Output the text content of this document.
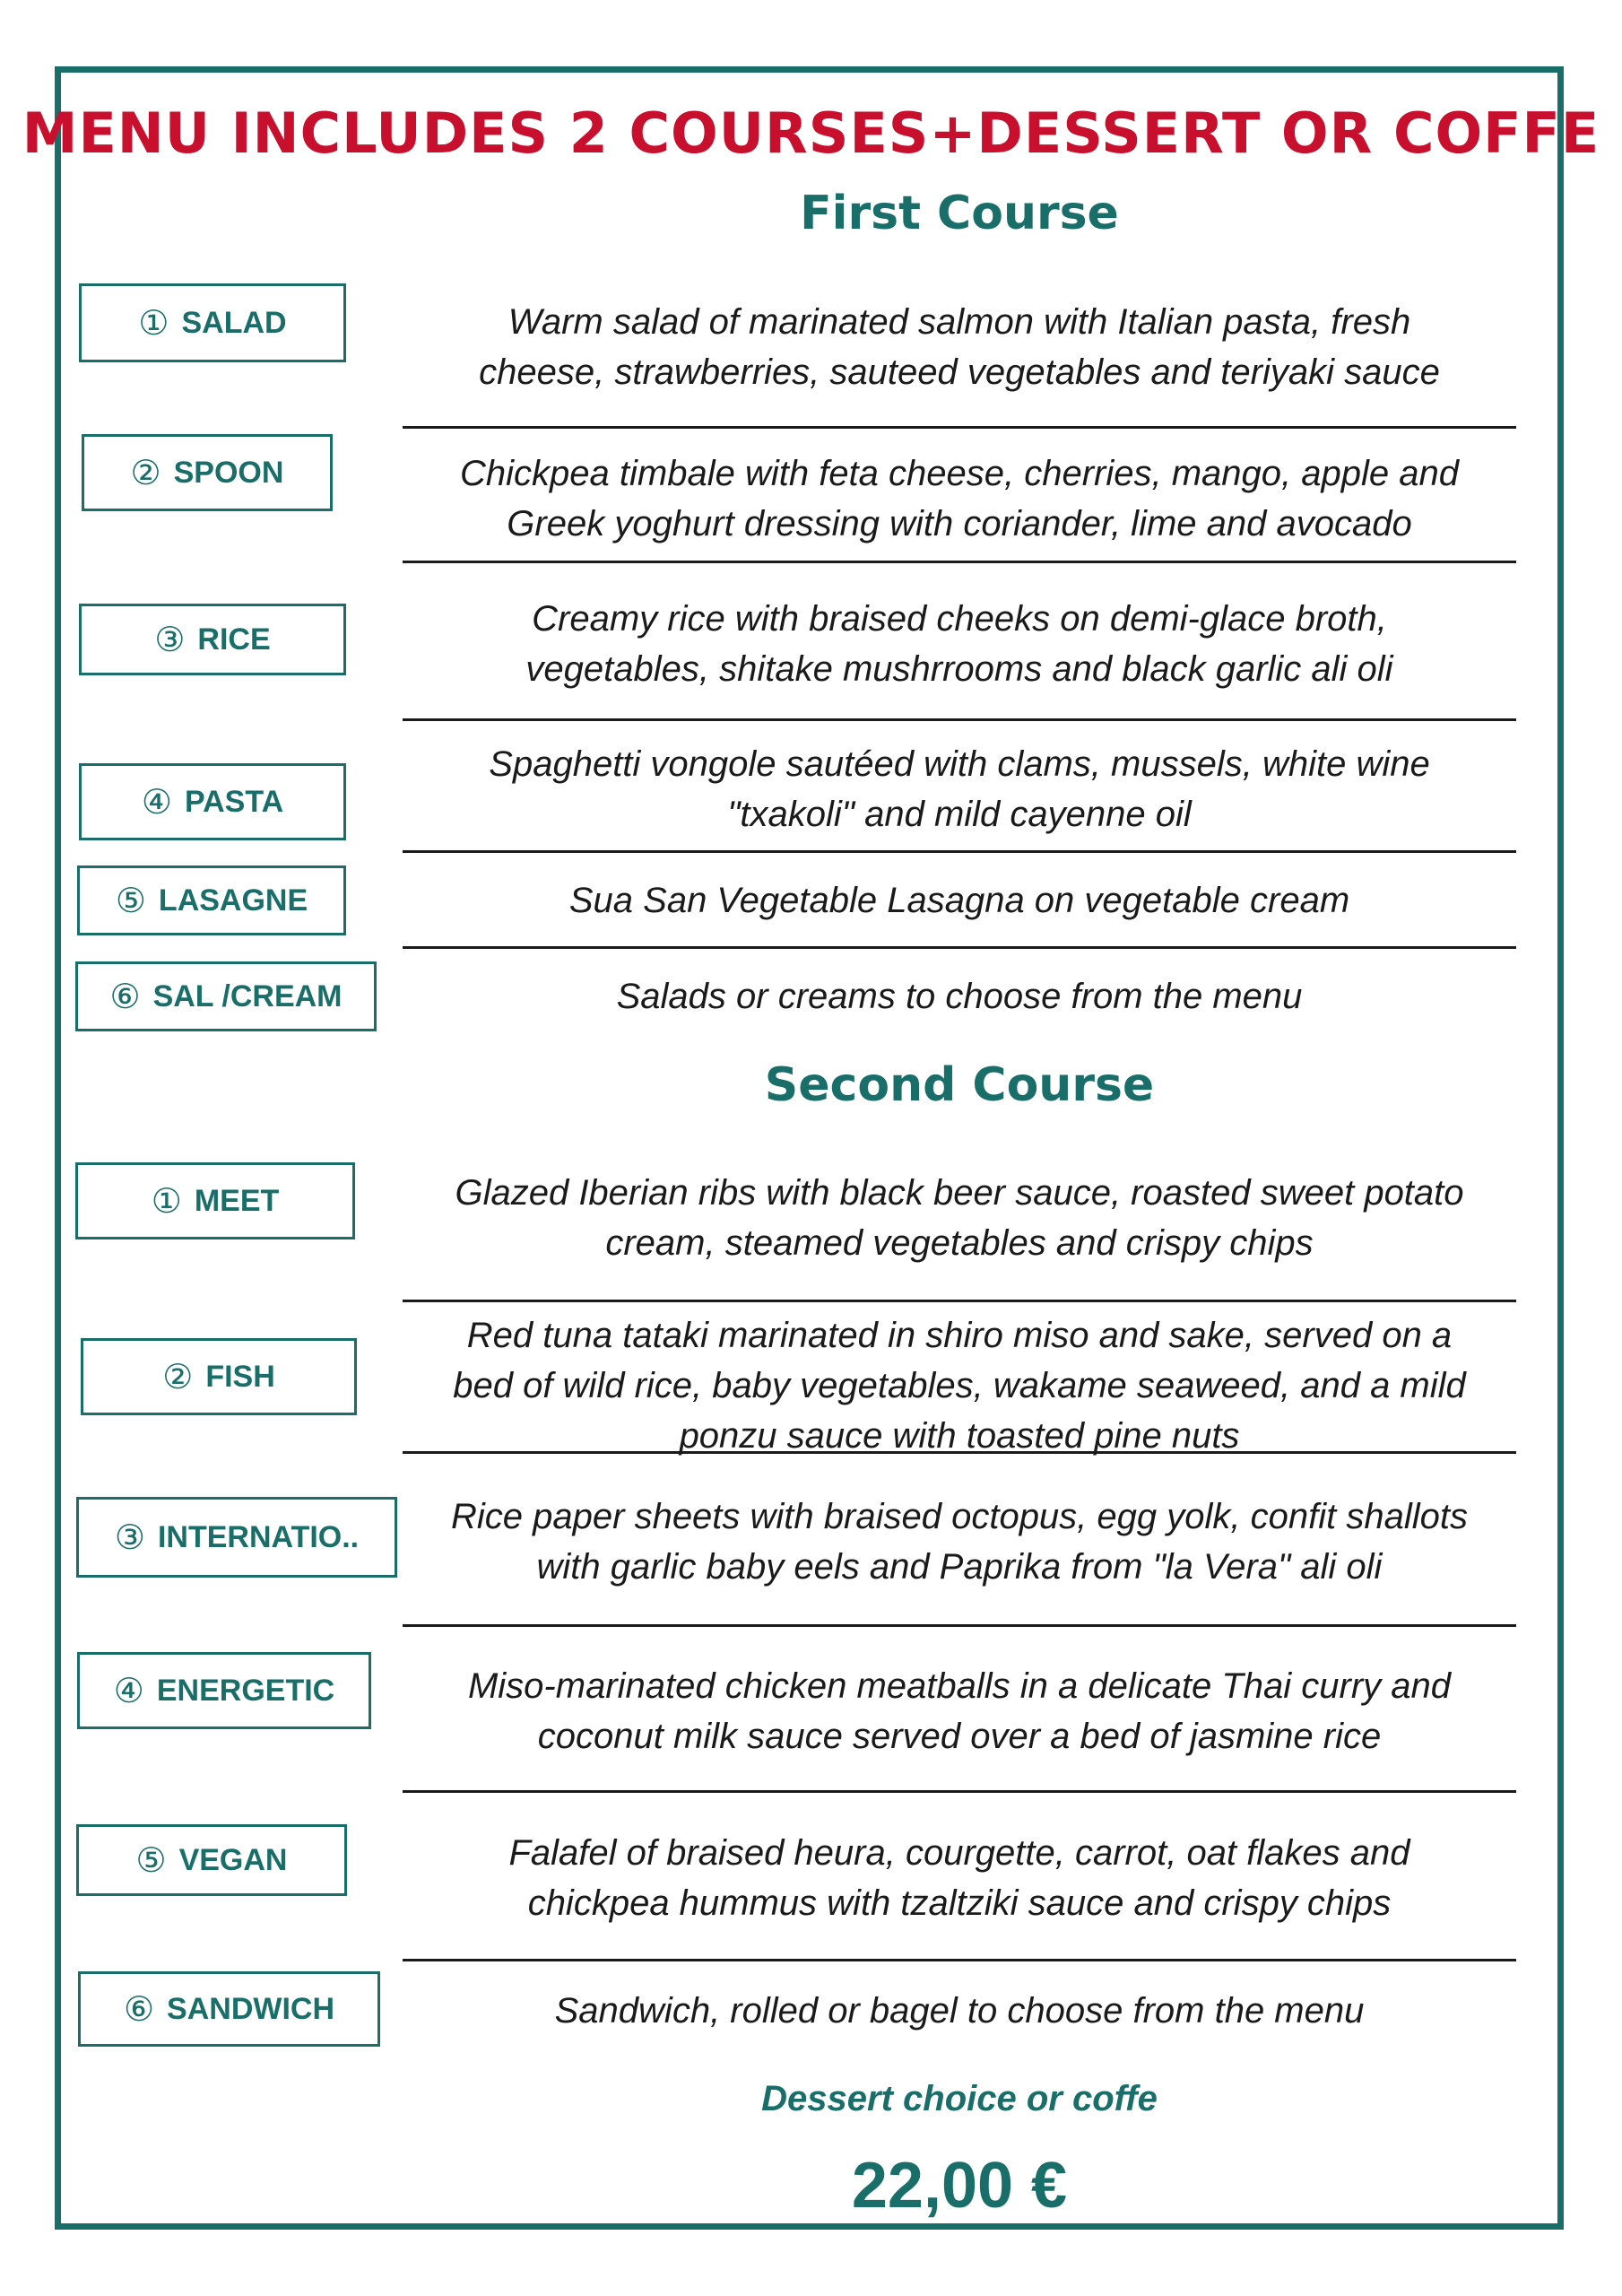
MENU INCLUDES 2 COURSES+DESSERT OR COFFE
First Course
① SALAD	Warm salad of marinated salmon with Italian pasta, fresh
cheese, strawberries, sauteed vegetables and teriyaki sauce
② SPOON	Chickpea timbale with feta cheese, cherries, mango, apple and
Greek yoghurt dressing with coriander, lime and avocado
③ RICE
Creamy rice with braised cheeks on demi-glace broth,
vegetables, shitake mushrrooms and black garlic ali oli
④ PASTA
Spaghetti vongole sautéed with clams, mussels, white wine
"txakoli" and mild cayenne oil
⑤ LASAGNE	Sua San Vegetable Lasagna on vegetable cream
⑥ SAL /CREAM	Salads or creams to choose from the menu
Second Course
① MEET	Glazed Iberian ribs with black beer sauce, roasted sweet potato
cream, steamed vegetables and crispy chips
② FISH
Red tuna tataki marinated in shiro miso and sake, served on a
bed of wild rice, baby vegetables, wakame seaweed, and a mild
ponzu sauce with toasted pine nuts
③ INTERNATIO..
Rice paper sheets with braised octopus, egg yolk, confit shallots
with garlic baby eels and Paprika from "la Vera" ali oli
④ ENERGETIC	Miso-marinated chicken meatballs in a delicate Thai curry and
coconut milk sauce served over a bed of jasmine rice
⑤ VEGAN	Falafel of braised heura, courgette, carrot, oat flakes and
chickpea hummus with tzaltziki sauce and crispy chips
⑥ SANDWICH	Sandwich, rolled or bagel to choose from the menu
Dessert choice or coffe
22,00 €
